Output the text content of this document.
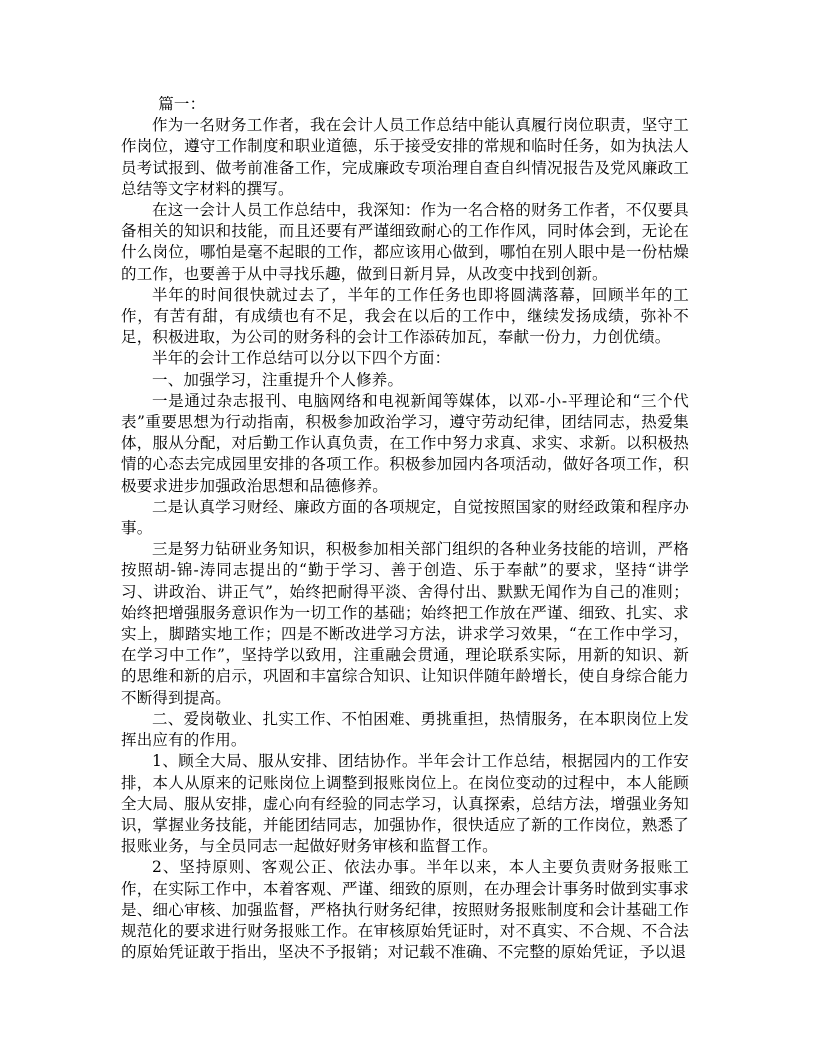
篇一：

作为一名财务工作者，我在会计人员工作总结中能认真履行岗位职责，坚守工作岗位，遵守工作制度和职业道德，乐于接受安排的常规和临时任务，如为执法人员考试报到、做考前准备工作，完成廉政专项治理自查自纠情况报告及党风廉政工总结等文字材料的撰写。

在这一会计人员工作总结中，我深知：作为一名合格的财务工作者，不仅要具备相关的知识和技能，而且还要有严谨细致耐心的工作作风，同时体会到，无论在什么岗位，哪怕是毫不起眼的工作，都应该用心做到，哪怕在别人眼中是一份枯燥的工作，也要善于从中寻找乐趣，做到日新月异，从改变中找到创新。

半年的时间很快就过去了，半年的工作任务也即将圆满落幕，回顾半年的工作，有苦有甜，有成绩也有不足，我会在以后的工作中，继续发扬成绩，弥补不足，积极进取，为公司的财务科的会计工作添砖加瓦，奉献一份力，力创优绩。

半年的会计工作总结可以分以下四个方面：

一、加强学习，注重提升个人修养。

一是通过杂志报刊、电脑网络和电视新闻等媒体，以邓-小-平理论和“三个代表”重要思想为行动指南，积极参加政治学习，遵守劳动纪律，团结同志，热爱集体，服从分配，对后勤工作认真负责，在工作中努力求真、求实、求新。以积极热情的心态去完成园里安排的各项工作。积极参加园内各项活动，做好各项工作，积极要求进步加强政治思想和品德修养。

二是认真学习财经、廉政方面的各项规定，自觉按照国家的财经政策和程序办事。

三是努力钻研业务知识，积极参加相关部门组织的各种业务技能的培训，严格按照胡-锦-涛同志提出的“勤于学习、善于创造、乐于奉献”的要求，坚持“讲学习、讲政治、讲正气”，始终把耐得平淡、舍得付出、默默无闻作为自己的准则；始终把增强服务意识作为一切工作的基础；始终把工作放在严谨、细致、扎实、求实上，脚踏实地工作；四是不断改进学习方法，讲求学习效果，“在工作中学习，在学习中工作”，坚持学以致用，注重融会贯通，理论联系实际，用新的知识、新的思维和新的启示，巩固和丰富综合知识、让知识伴随年龄增长，使自身综合能力不断得到提高。

二、爱岗敬业、扎实工作、不怕困难、勇挑重担，热情服务，在本职岗位上发挥出应有的作用。

1、顾全大局、服从安排、团结协作。半年会计工作总结，根据园内的工作安排，本人从原来的记账岗位上调整到报账岗位上。在岗位变动的过程中，本人能顾全大局、服从安排，虚心向有经验的同志学习，认真探索，总结方法，增强业务知识，掌握业务技能，并能团结同志，加强协作，很快适应了新的工作岗位，熟悉了报账业务，与全员同志一起做好财务审核和监督工作。

2、坚持原则、客观公正、依法办事。半年以来，本人主要负责财务报账工作，在实际工作中，本着客观、严谨、细致的原则，在办理会计事务时做到实事求是、细心审核、加强监督，严格执行财务纪律，按照财务报账制度和会计基础工作规范化的要求进行财务报账工作。在审核原始凭证时，对不真实、不合规、不合法的原始凭证敢于指出，坚决不予报销；对记载不准确、不完整的原始凭证，予以退
